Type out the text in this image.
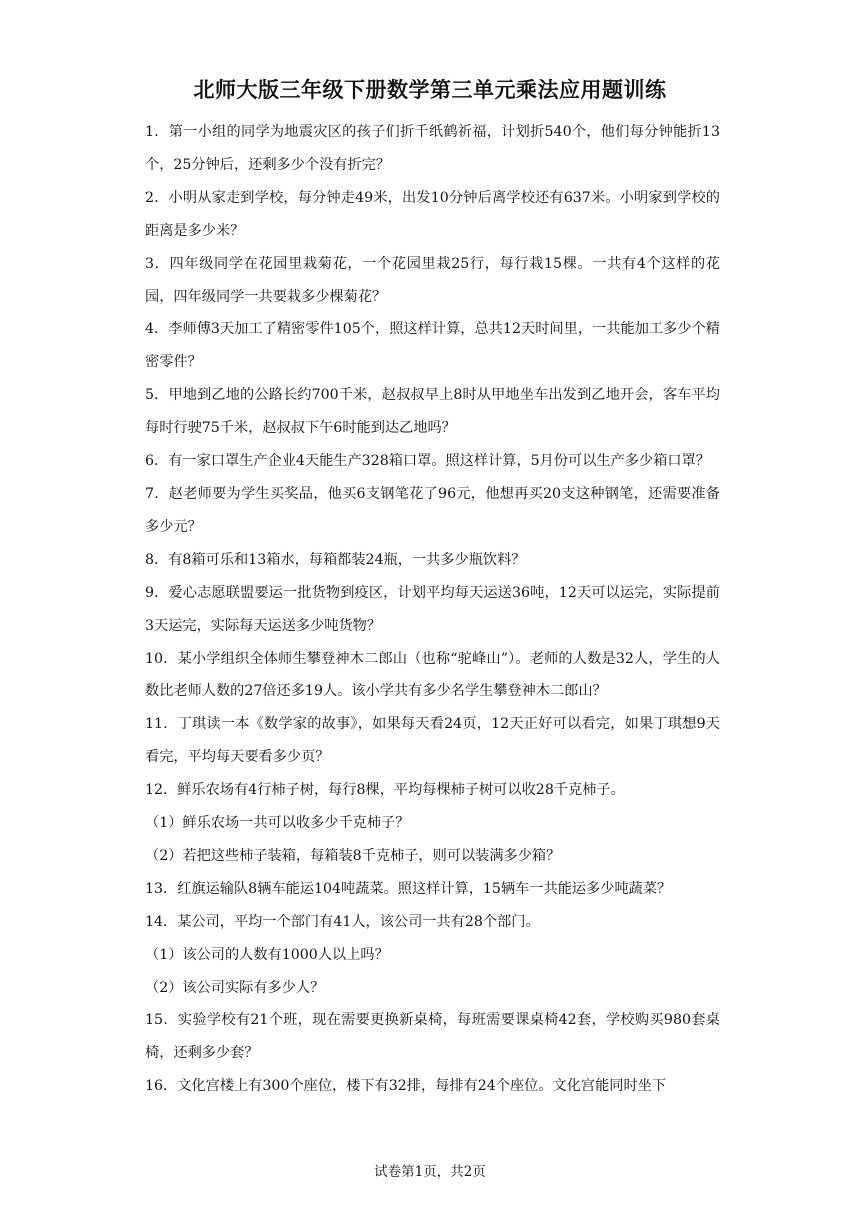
北师大版三年级下册数学第三单元乘法应用题训练

1．第一小组的同学为地震灾区的孩子们折千纸鹤祈福，计划折540个，他们每分钟能折13个，25分钟后，还剩多少个没有折完？

2．小明从家走到学校，每分钟走49米，出发10分钟后离学校还有637米。小明家到学校的距离是多少米？

3．四年级同学在花园里栽菊花，一个花园里栽25行，每行栽15棵。一共有4个这样的花园，四年级同学一共要栽多少棵菊花？

4．李师傅3天加工了精密零件105个，照这样计算，总共12天时间里，一共能加工多少个精密零件？

5．甲地到乙地的公路长约700千米，赵叔叔早上8时从甲地坐车出发到乙地开会，客车平均每时行驶75千米，赵叔叔下午6时能到达乙地吗？

6．有一家口罩生产企业4天能生产328箱口罩。照这样计算，5月份可以生产多少箱口罩？

7．赵老师要为学生买奖品，他买6支钢笔花了96元，他想再买20支这种钢笔，还需要准备多少元？

8．有8箱可乐和13箱水，每箱都装24瓶，一共多少瓶饮料？

9．爱心志愿联盟要运一批货物到疫区，计划平均每天运送36吨，12天可以运完，实际提前3天运完，实际每天运送多少吨货物？

10．某小学组织全体师生攀登神木二郎山（也称“驼峰山”）。老师的人数是32人，学生的人数比老师人数的27倍还多19人。该小学共有多少名学生攀登神木二郎山？

11．丁琪读一本《数学家的故事》，如果每天看24页，12天正好可以看完，如果丁琪想9天看完，平均每天要看多少页？

12．鲜乐农场有4行柿子树，每行8棵，平均每棵柿子树可以收28千克柿子。

（1）鲜乐农场一共可以收多少千克柿子？

（2）若把这些柿子装箱，每箱装8千克柿子，则可以装满多少箱？

13．红旗运输队8辆车能运104吨蔬菜。照这样计算，15辆车一共能运多少吨蔬菜？

14．某公司，平均一个部门有41人，该公司一共有28个部门。

（1）该公司的人数有1000人以上吗？

（2）该公司实际有多少人？

15．实验学校有21个班，现在需要更换新桌椅，每班需要课桌椅42套，学校购买980套桌椅，还剩多少套？

16．文化宫楼上有300个座位，楼下有32排，每排有24个座位。文化宫能同时坐下

试卷第1页，共2页
